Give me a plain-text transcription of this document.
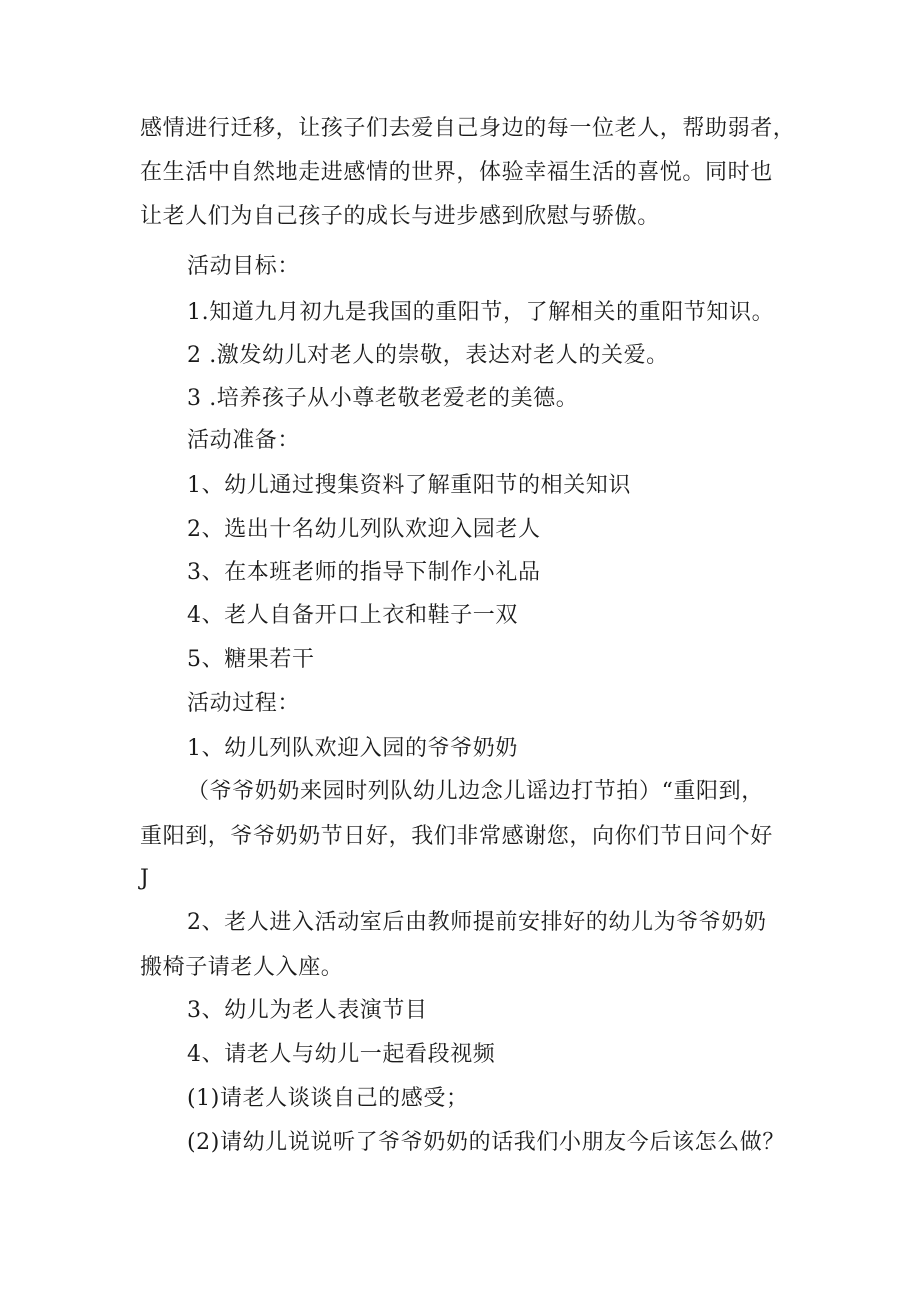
感情进行迁移，让孩子们去爱自己身边的每一位老人，帮助弱者，
在生活中自然地走进感情的世界，体验幸福生活的喜悦。同时也
让老人们为自己孩子的成长与进步感到欣慰与骄傲。
活动目标：
1.知道九月初九是我国的重阳节，了解相关的重阳节知识。
2 .激发幼儿对老人的崇敬，表达对老人的关爱。
3 .培养孩子从小尊老敬老爱老的美德。
活动准备：
1、幼儿通过搜集资料了解重阳节的相关知识
2、选出十名幼儿列队欢迎入园老人
3、在本班老师的指导下制作小礼品
4、老人自备开口上衣和鞋子一双
5、糖果若干
活动过程：
1、幼儿列队欢迎入园的爷爷奶奶
（爷爷奶奶来园时列队幼儿边念儿谣边打节拍）“重阳到，
重阳到，爷爷奶奶节日好，我们非常感谢您，向你们节日问个好
J
2、老人进入活动室后由教师提前安排好的幼儿为爷爷奶奶
搬椅子请老人入座。
3、幼儿为老人表演节目
4、请老人与幼儿一起看段视频
(1)请老人谈谈自己的感受；
(2)请幼儿说说听了爷爷奶奶的话我们小朋友今后该怎么做？
